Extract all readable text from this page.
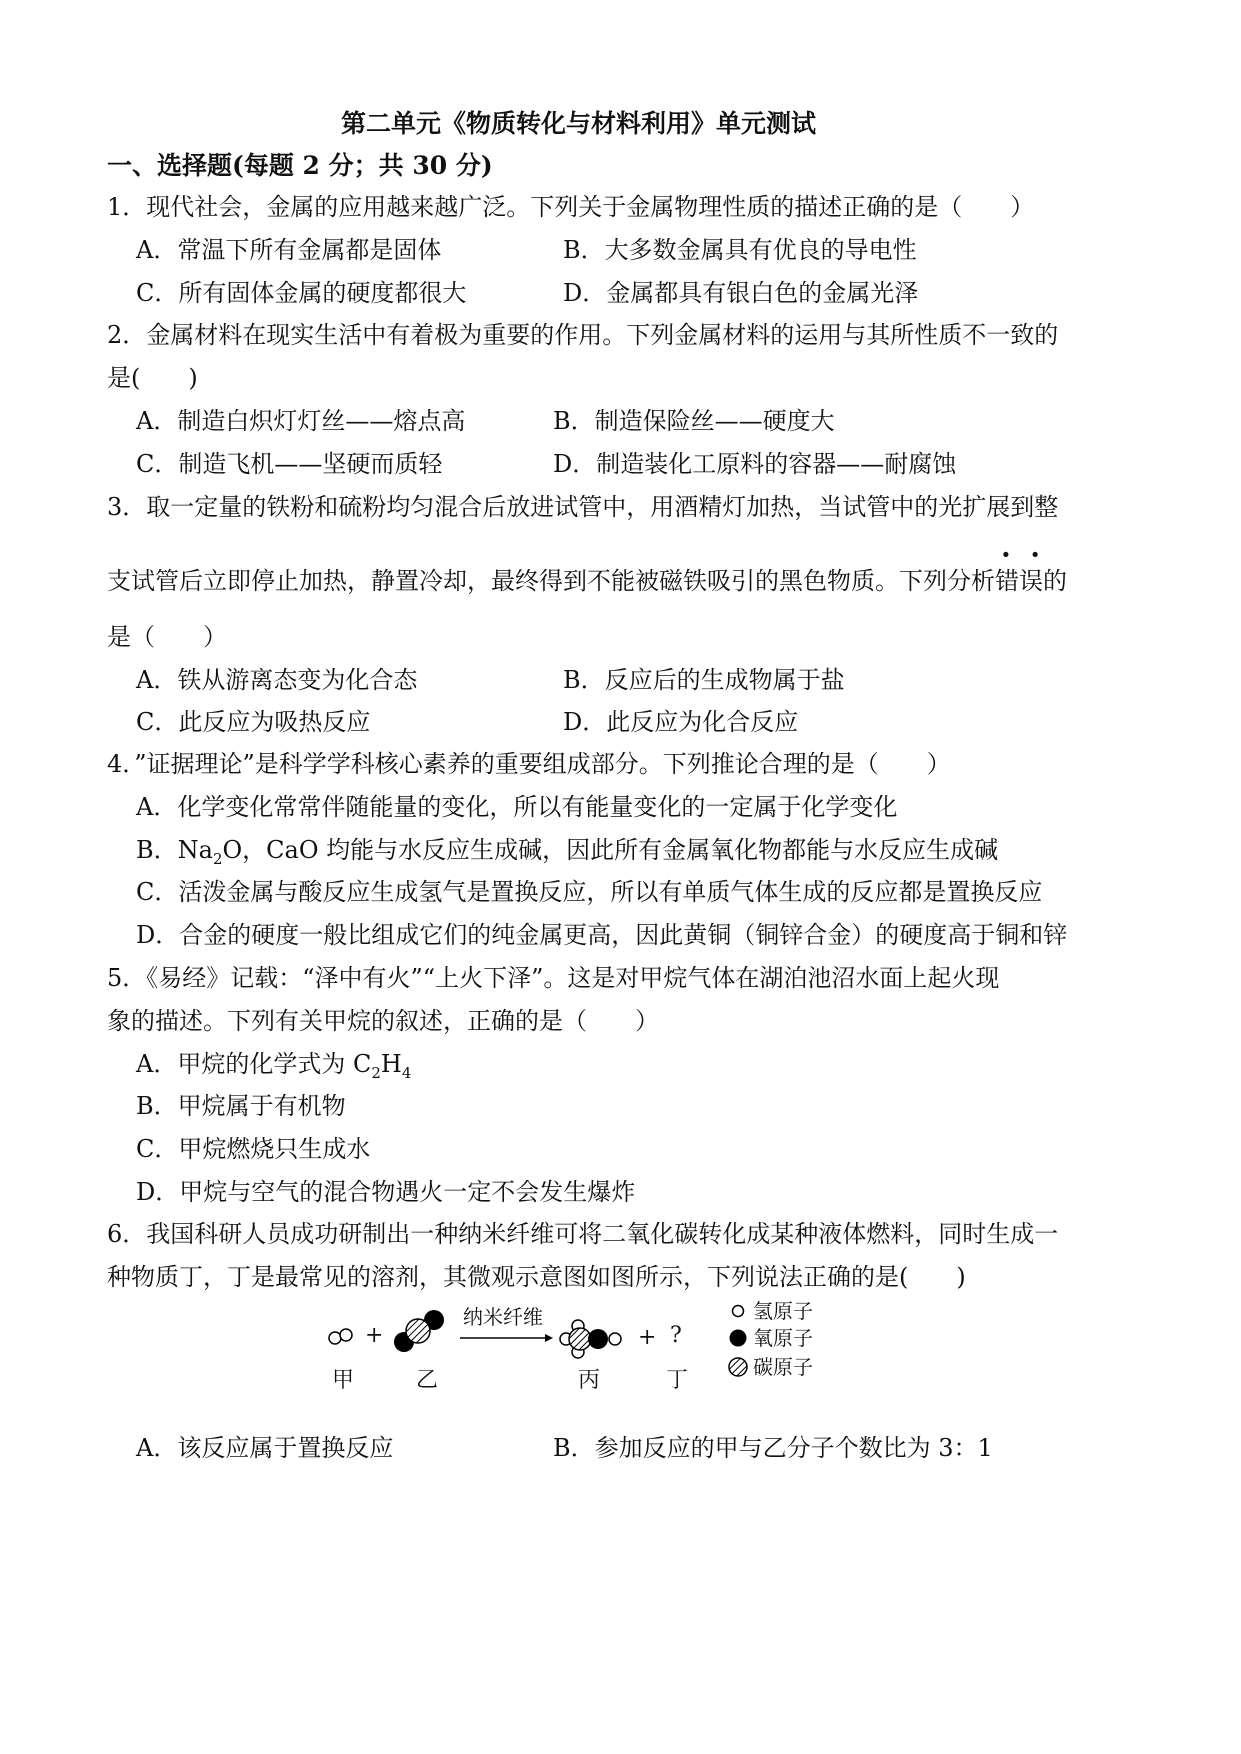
第二单元《物质转化与材料利用》单元测试
一、选择题(每题 2 分；共 30 分)
1．现代社会，金属的应用越来越广泛。下列关于金属物理性质的描述正确的是（　　）
A．常温下所有金属都是固体	B．大多数金属具有优良的导电性
C．所有固体金属的硬度都很大	D．金属都具有银白色的金属光泽
2．金属材料在现实生活中有着极为重要的作用。下列金属材料的运用与其所性质不一致的
是(　　)
A．制造白炽灯灯丝——熔点高	B．制造保险丝——硬度大
C．制造飞机——坚硬而质轻	D．制造装化工原料的容器——耐腐蚀
3．取一定量的铁粉和硫粉均匀混合后放进试管中，用酒精灯加热，当试管中的光扩展到整
支试管后立即停止加热，静置冷却，最终得到不能被磁铁吸引的黑色物质。下列分析·  · 错误的
是（　　）
A．铁从游离态变为化合态	B．反应后的生成物属于盐
C．此反应为吸热反应	D．此反应为化合反应
4．”证据理论”是科学学科核心素养的重要组成部分。下列推论合理的是（　　）
A．化学变化常常伴随能量的变化，所以有能量变化的一定属于化学变化
B．$Na_2O$，CaO 均能与水反应生成碱，因此所有金属氧化物都能与水反应生成碱
C．活泼金属与酸反应生成氢气是置换反应，所以有单质气体生成的反应都是置换反应
D．合金的硬度一般比组成它们的纯金属更高，因此黄铜（铜锌合金）的硬度高于铜和锌
5．《易经》记载：“泽中有火”“上火下泽”。这是对甲烷气体在湖泊池沼水面上起火现
象的描述。下列有关甲烷的叙述，正确的是（　　）
A．甲烷的化学式为 $C_2H_4$
B．甲烷属于有机物
C．甲烷燃烧只生成水
D．甲烷与空气的混合物遇火一定不会发生爆炸
6．我国科研人员成功研制出一种纳米纤维可将二氧化碳转化成某种液体燃料，同时生成一
种物质丁，丁是最常见的溶剂，其微观示意图如图所示，下列说法正确的是(　　)
+
纳米纤维
+ ?
甲	乙	丙	丁
氢原子
氧原子
碳原子
A．该反应属于置换反应	B．参加反应的甲与乙分子个数比为 3：1
